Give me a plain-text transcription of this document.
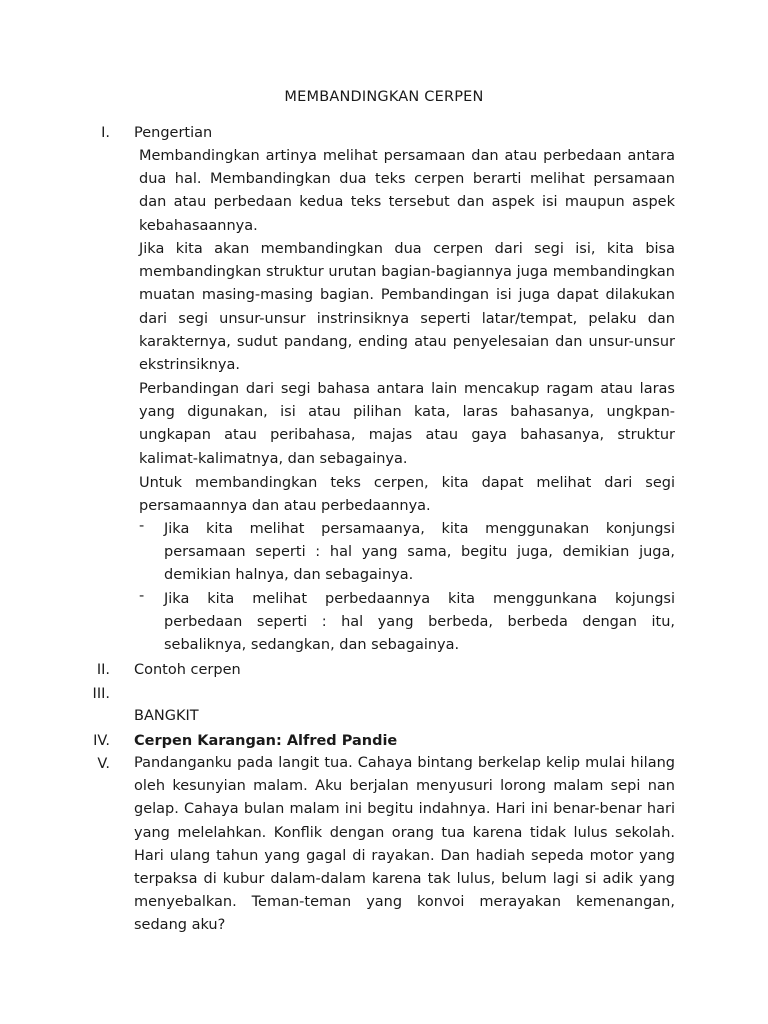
MEMBANDINGKAN CERPEN
I. Pengertian

Membandingkan artinya melihat persamaan dan atau perbedaan antara dua hal. Membandingkan dua teks cerpen berarti melihat persamaan dan atau perbedaan kedua teks tersebut dan aspek isi maupun aspek kebahasaannya.

Jika kita akan membandingkan dua cerpen dari segi isi, kita bisa membandingkan struktur urutan bagian-bagiannya juga membandingkan muatan masing-masing bagian. Pembandingan isi juga dapat dilakukan dari segi unsur-unsur instrinsiknya seperti latar/tempat, pelaku dan karakternya, sudut pandang, ending atau penyelesaian dan unsur-unsur ekstrinsiknya.

Perbandingan dari segi bahasa antara lain mencakup ragam atau laras yang digunakan, isi atau pilihan kata, laras bahasanya, ungkpan-ungkapan atau peribahasa, majas atau gaya bahasanya, struktur kalimat-kalimatnya, dan sebagainya.

Untuk membandingkan teks cerpen, kita dapat melihat dari segi persamaannya dan atau perbedaannya.

- Jika kita melihat persamaanya, kita menggunakan konjungsi persamaan seperti : hal yang sama, begitu juga, demikian juga, demikian halnya, dan sebagainya.

- Jika kita melihat perbedaannya kita menggunkana kojungsi perbedaan seperti : hal yang berbeda, berbeda dengan itu, sebaliknya, sedangkan, dan sebagainya.

II. Contoh cerpen
III.
BANGKIT
IV. Cerpen Karangan: Alfred Pandie
V. Pandanganku pada langit tua. Cahaya bintang berkelap kelip mulai hilang oleh kesunyian malam. Aku berjalan menyusuri lorong malam sepi nan gelap. Cahaya bulan malam ini begitu indahnya. Hari ini benar-benar hari yang melelahkan. Konflik dengan orang tua karena tidak lulus sekolah. Hari ulang tahun yang gagal di rayakan. Dan hadiah sepeda motor yang terpaksa di kubur dalam-dalam karena tak lulus, belum lagi si adik yang menyebalkan. Teman-teman yang konvoi merayakan kemenangan, sedang aku?
